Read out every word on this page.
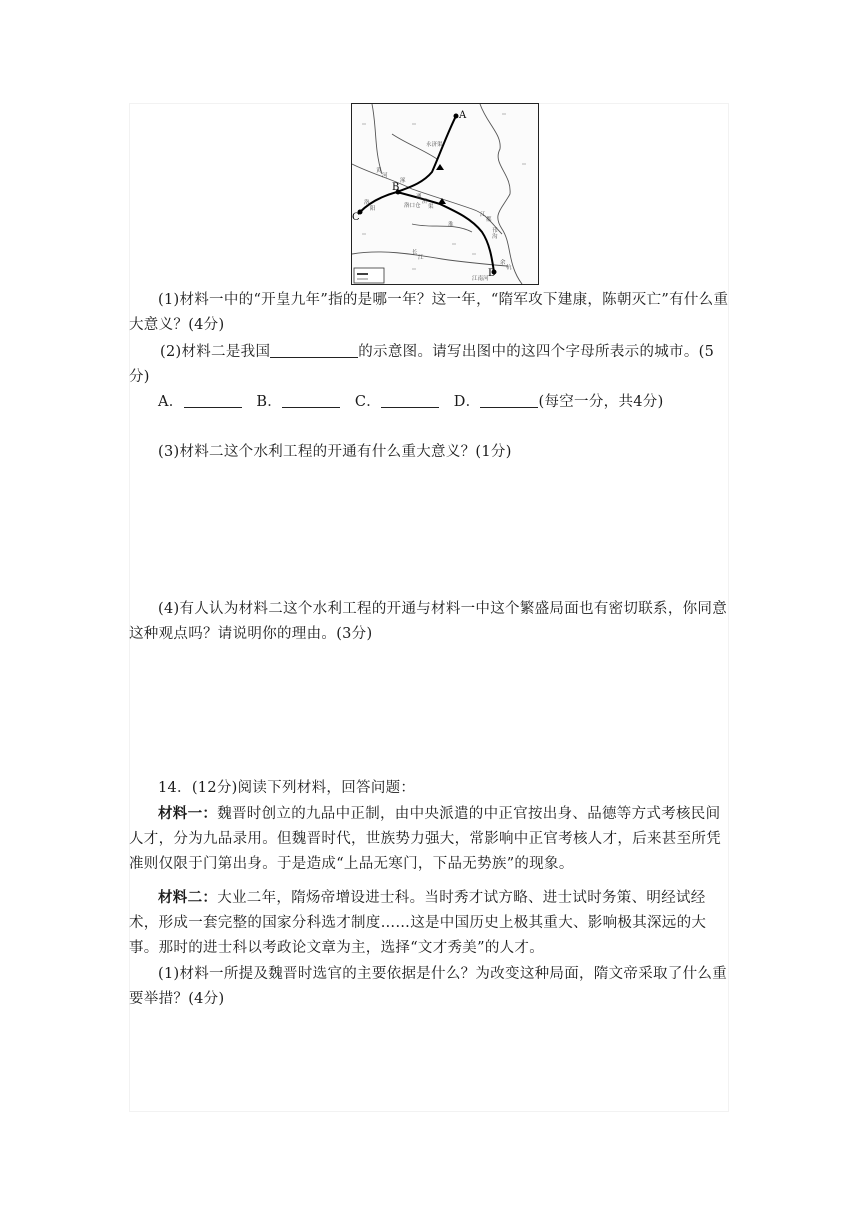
A
B
C
D
涿
洛
阳
通
济
渠
江
都
余
杭
淮
洛口仓
邗
沟
江南河
永济渠
黄
河
长
江
(1)材料一中的“开皇九年”指的是哪一年？这一年，“隋军攻下建康，陈朝灭亡”有什么重大意义？(4分)
(2)材料二是我国	的示意图。请写出图中的这四个字母所表示的城市。(5分)
A．	B．	C．	D．	(每空一分，共4分)
(3)材料二这个水利工程的开通有什么重大意义？(1分)
(4)有人认为材料二这个水利工程的开通与材料一中这个繁盛局面也有密切联系，你同意这种观点吗？请说明你的理由。(3分)
14．(12分)阅读下列材料，回答问题：
材料一：魏晋时创立的九品中正制，由中央派遣的中正官按出身、品德等方式考核民间人才，分为九品录用。但魏晋时代，世族势力强大，常影响中正官考核人才，后来甚至所凭准则仅限于门第出身。于是造成“上品无寒门，下品无势族”的现象。
材料二：大业二年，隋炀帝增设进士科。当时秀才试方略、进士试时务策、明经试经术，形成一套完整的国家分科选才制度……这是中国历史上极其重大、影响极其深远的大事。那时的进士科以考政论文章为主，选择“文才秀美”的人才。
(1)材料一所提及魏晋时选官的主要依据是什么？为改变这种局面，隋文帝采取了什么重要举措？(4分)
